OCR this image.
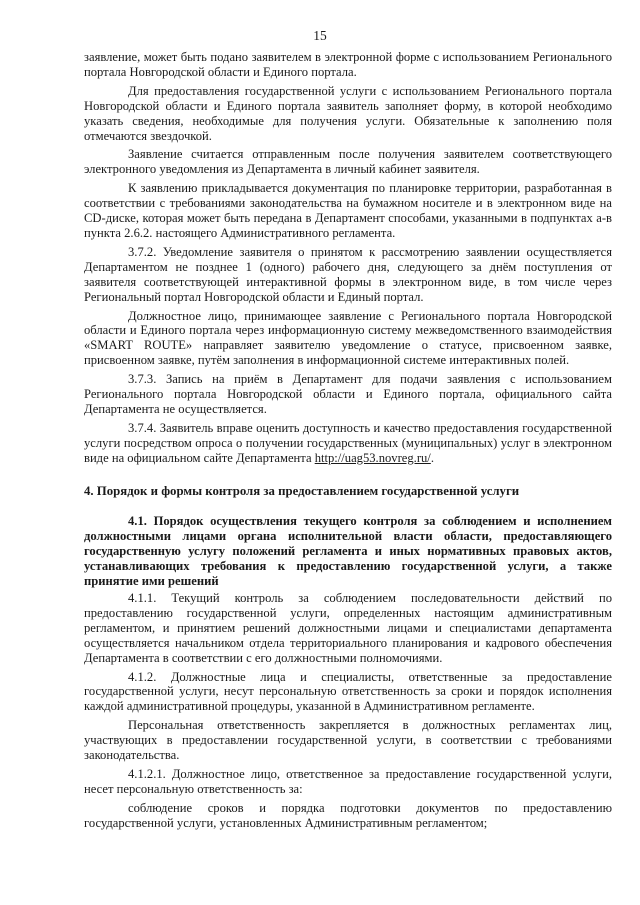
15

заявление, может быть подано заявителем в электронной форме с использованием Регионального портала Новгородской области и Единого портала.

Для предоставления государственной услуги с использованием Регионального портала Новгородской области и Единого портала заявитель заполняет форму, в которой необходимо указать сведения, необходимые для получения услуги. Обязательные к заполнению поля отмечаются звездочкой.

Заявление считается отправленным после получения заявителем соответствующего электронного уведомления из Департамента в личный кабинет заявителя.

К заявлению прикладывается документация по планировке территории, разработанная в соответствии с требованиями законодательства на бумажном носителе и в электронном виде на CD-диске, которая может быть передана в Департамент способами, указанными в подпунктах а-в пункта 2.6.2. настоящего Административного регламента.

3.7.2. Уведомление заявителя о принятом к рассмотрению заявлении осуществляется Департаментом не позднее 1 (одного) рабочего дня, следующего за днём поступления от заявителя соответствующей интерактивной формы в электронном виде, в том числе через Региональный портал Новгородской области и Единый портал.

Должностное лицо, принимающее заявление с Регионального портала Новгородской области и Единого портала через информационную систему межведомственного взаимодействия «SMART ROUTE» направляет заявителю уведомление о статусе, присвоенном заявке, присвоенном заявке, путём заполнения в информационной системе интерактивных полей.

3.7.3. Запись на приём в Департамент для подачи заявления с использованием Регионального портала Новгородской области и Единого портала, официального сайта Департамента не осуществляется.

3.7.4. Заявитель вправе оценить доступность и качество предоставления государственной услуги посредством опроса о получении государственных (муниципальных) услуг в электронном виде на официальном сайте Департамента http://uag53.novreg.ru/.

4. Порядок и формы контроля за предоставлением государственной услуги

4.1. Порядок осуществления текущего контроля за соблюдением и исполнением должностными лицами органа исполнительной власти области, предоставляющего государственную услугу положений регламента и иных нормативных правовых актов, устанавливающих требования к предоставлению государственной услуги, а также принятие ими решений

4.1.1. Текущий контроль за соблюдением последовательности действий по предоставлению государственной услуги, определенных настоящим административным регламентом, и принятием решений должностными лицами и специалистами департамента осуществляется начальником отдела территориального планирования и кадрового обеспечения Департамента в соответствии с его должностными полномочиями.

4.1.2. Должностные лица и специалисты, ответственные за предоставление государственной услуги, несут персональную ответственность за сроки и порядок исполнения каждой административной процедуры, указанной в Административном регламенте.

Персональная ответственность закрепляется в должностных регламентах лиц, участвующих в предоставлении государственной услуги, в соответствии с требованиями законодательства.

4.1.2.1. Должностное лицо, ответственное за предоставление государственной услуги, несет персональную ответственность за:

соблюдение сроков и порядка подготовки документов по предоставлению государственной услуги, установленных Административным регламентом;
